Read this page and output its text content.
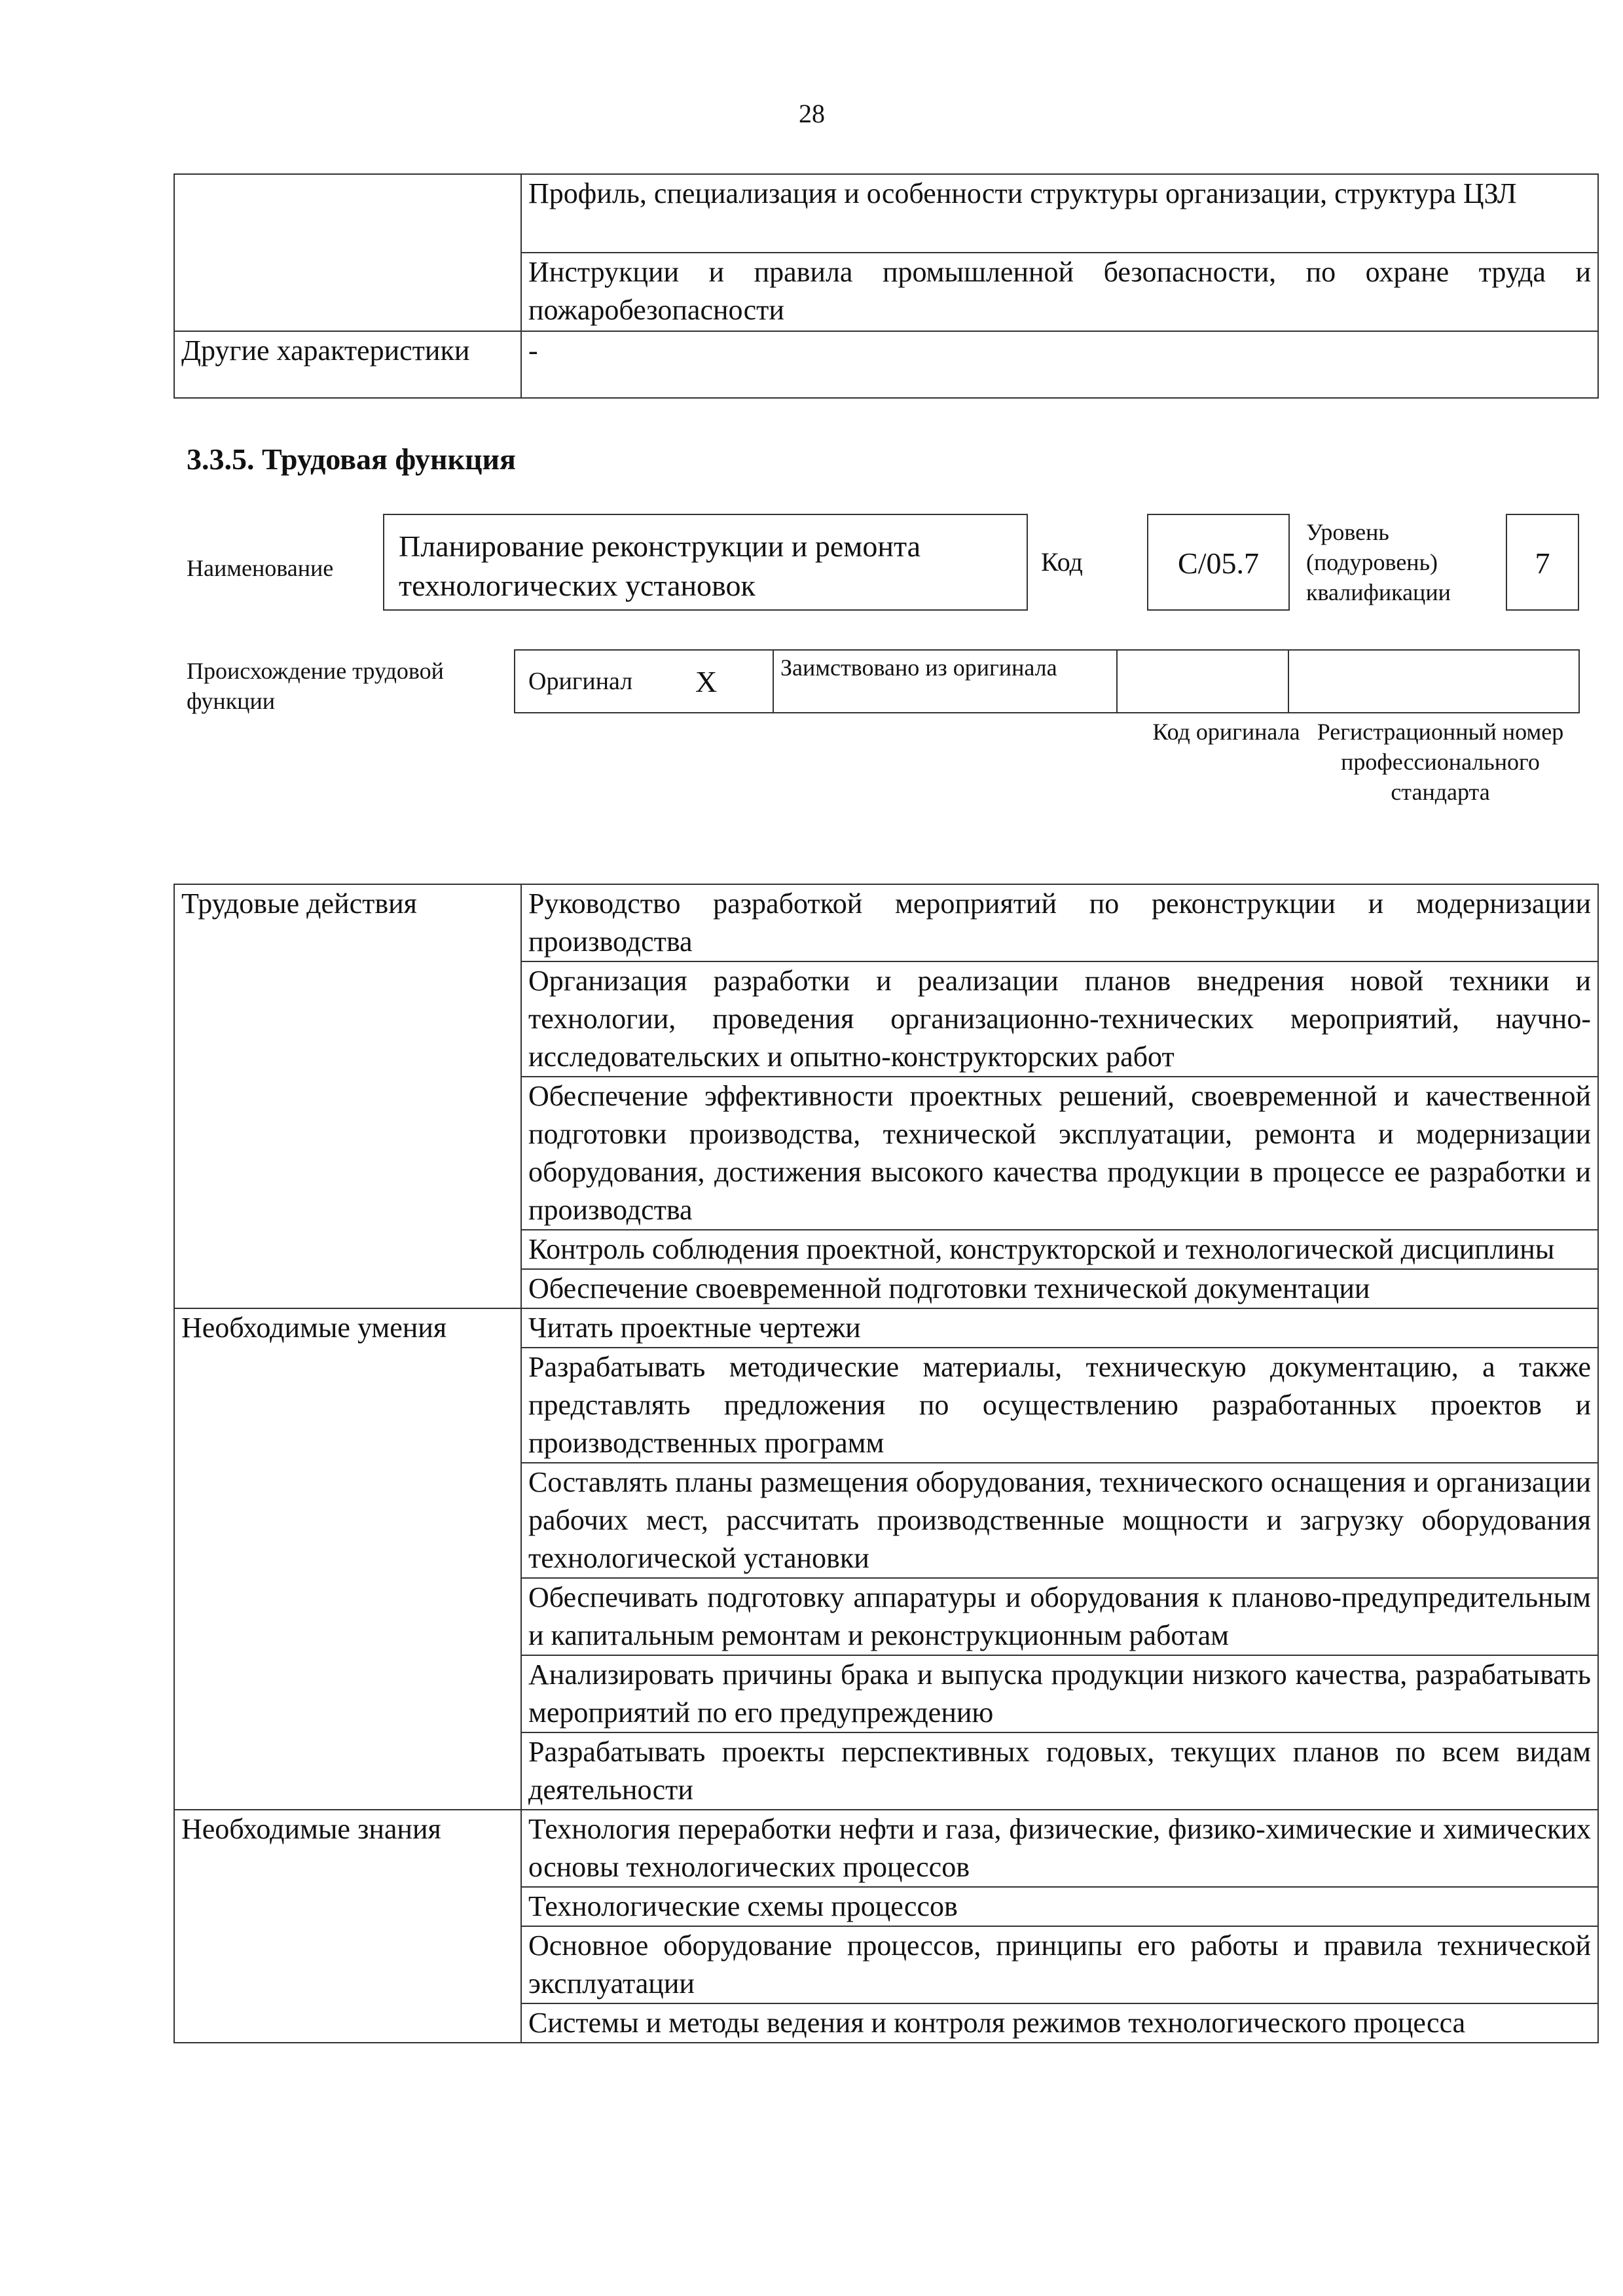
28
	Профиль, специализация и особенности структуры организации, структура ЦЗЛ
	Инструкции и правила промышленной безопасности, по охране труда и пожаробезопасности
Другие характеристики	-
3.3.5. Трудовая функция
Наименование
Планирование реконструкции и ремонта технологических установок
Код	C/05.7
Уровень (подуровень) квалификации
7
Происхождение трудовой функции
Оригинал	X	Заимствовано из оригинала
Код оригинала Регистрационный номер профессионального стандарта
Трудовые действия	Руководство разработкой мероприятий по реконструкции и модернизации производства
	Организация разработки и реализации планов внедрения новой техники и технологии, проведения организационно-технических мероприятий, научно-исследовательских и опытно-конструкторских работ
	Обеспечение эффективности проектных решений, своевременной и качественной подготовки производства, технической эксплуатации, ремонта и модернизации оборудования, достижения высокого качества продукции в процессе ее разработки и производства
	Контроль соблюдения проектной, конструкторской и технологической дисциплины
	Обеспечение своевременной подготовки технической документации
Необходимые умения	Читать проектные чертежи
	Разрабатывать методические материалы, техническую документацию, а также представлять предложения по осуществлению разработанных проектов и производственных программ
	Составлять планы размещения оборудования, технического оснащения и организации рабочих мест, рассчитать производственные мощности и загрузку оборудования технологической установки
	Обеспечивать подготовку аппаратуры и оборудования к планово-предупредительным и капитальным ремонтам и реконструкционным работам
	Анализировать причины брака и выпуска продукции низкого качества, разрабатывать мероприятий по его предупреждению
	Разрабатывать проекты перспективных годовых, текущих планов по всем видам деятельности
Необходимые знания	Технология переработки нефти и газа, физические, физико-химические и химических основы технологических процессов
	Технологические схемы процессов
	Основное оборудование процессов, принципы его работы и правила технической эксплуатации
	Системы и методы ведения и контроля режимов технологического процесса
